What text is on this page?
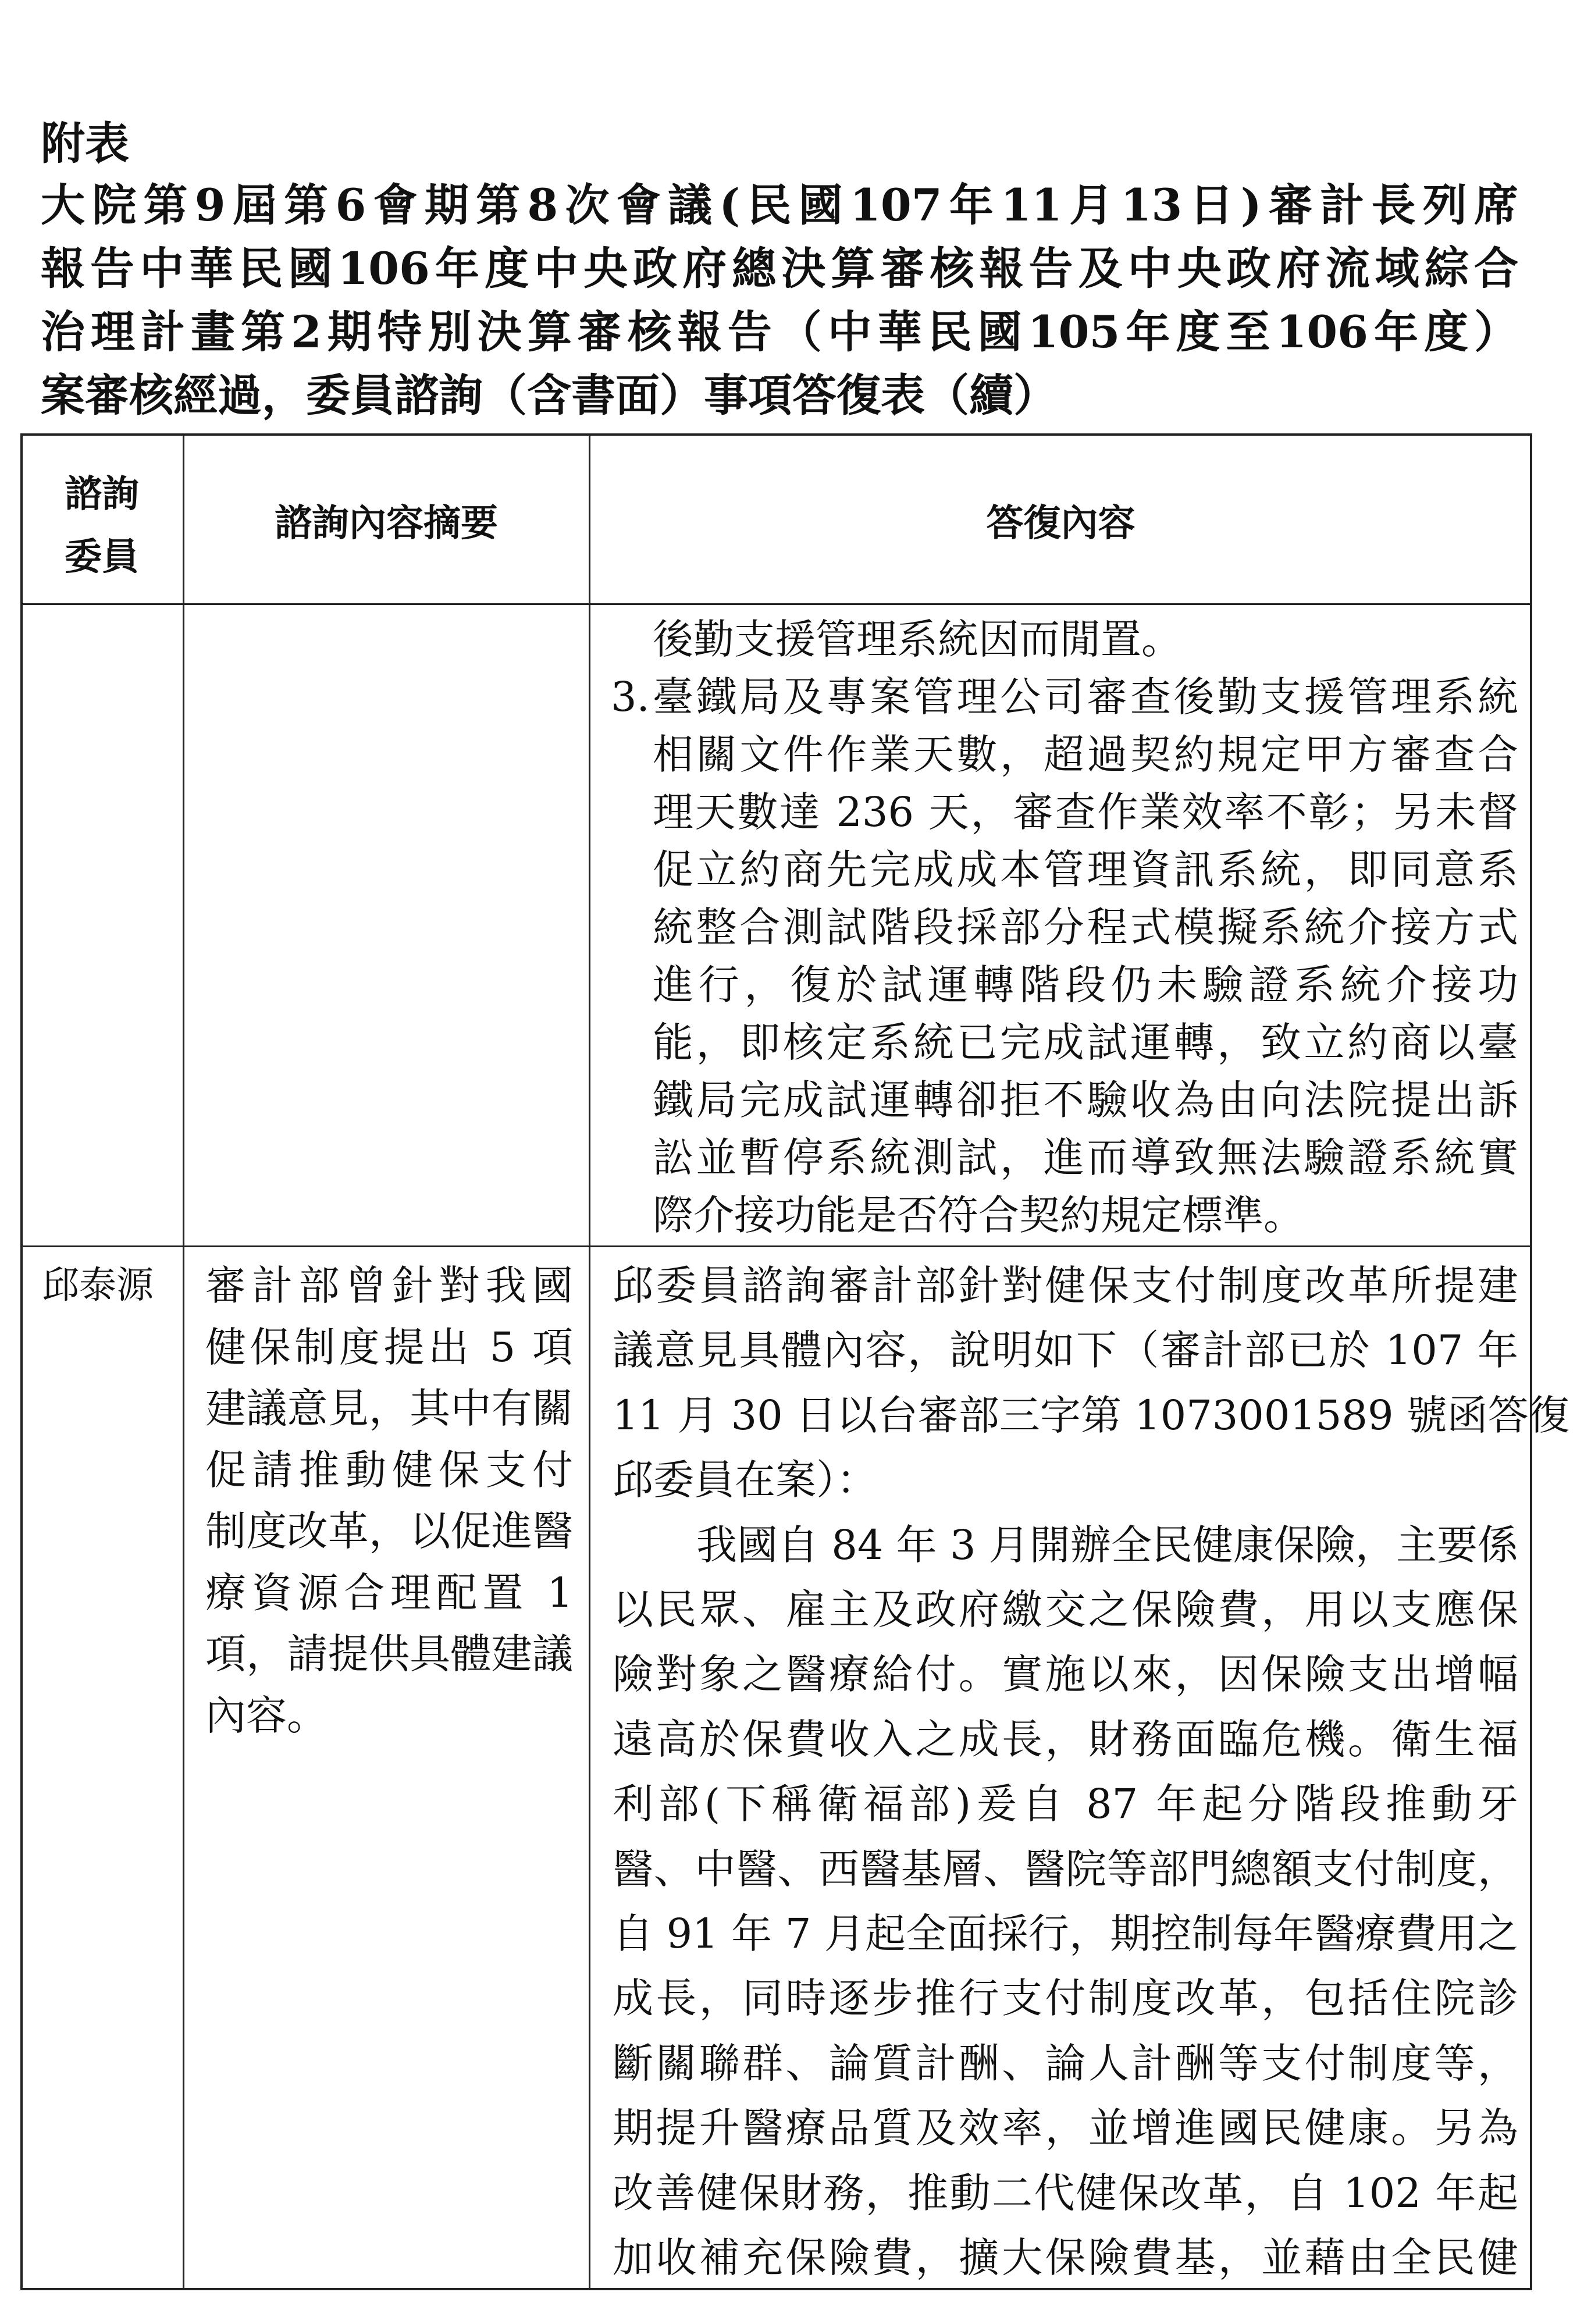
附表
大院第9屆第6會期第8次會議(民國107年11月13日)審計長列席
報告中華民國106年度中央政府總決算審核報告及中央政府流域綜合
治理計畫第2期特別決算審核報告（中華民國105年度至106年度）
案審核經過，委員諮詢（含書面）事項答復表（續）
諮詢
委員
諮詢內容摘要	答復內容
3.
邱泰源
後勤支援管理系統因而閒置。
臺鐵局及專案管理公司審查後勤支援管理系統
相關文件作業天數，超過契約規定甲方審查合
理天數達 236 天，審查作業效率不彰；另未督
促立約商先完成成本管理資訊系統，即同意系
統整合測試階段採部分程式模擬系統介接方式
進行，復於試運轉階段仍未驗證系統介接功
能，即核定系統已完成試運轉，致立約商以臺
鐵局完成試運轉卻拒不驗收為由向法院提出訴
訟並暫停系統測試，進而導致無法驗證系統實
際介接功能是否符合契約規定標準。
審計部曾針對我國
健保制度提出 5 項
建議意見，其中有關
促請推動健保支付
制度改革，以促進醫
療資源合理配置 1
項，請提供具體建議
內容。
邱委員諮詢審計部針對健保支付制度改革所提建
議意見具體內容，說明如下（審計部已於 107 年
11 月 30 日以台審部三字第 1073001589 號函答復
邱委員在案）：
我國自 84 年 3 月開辦全民健康保險，主要係
以民眾、雇主及政府繳交之保險費，用以支應保
險對象之醫療給付。實施以來，因保險支出增幅
遠高於保費收入之成長，財務面臨危機。衛生福
利部(下稱衛福部)爰自 87 年起分階段推動牙
醫、中醫、西醫基層、醫院等部門總額支付制度，
自 91 年 7 月起全面採行，期控制每年醫療費用之
成長，同時逐步推行支付制度改革，包括住院診
斷關聯群、論質計酬、論人計酬等支付制度等，
期提升醫療品質及效率，並增進國民健康。另為
改善健保財務，推動二代健保改革，自 102 年起
加收補充保險費，擴大保險費基，並藉由全民健
